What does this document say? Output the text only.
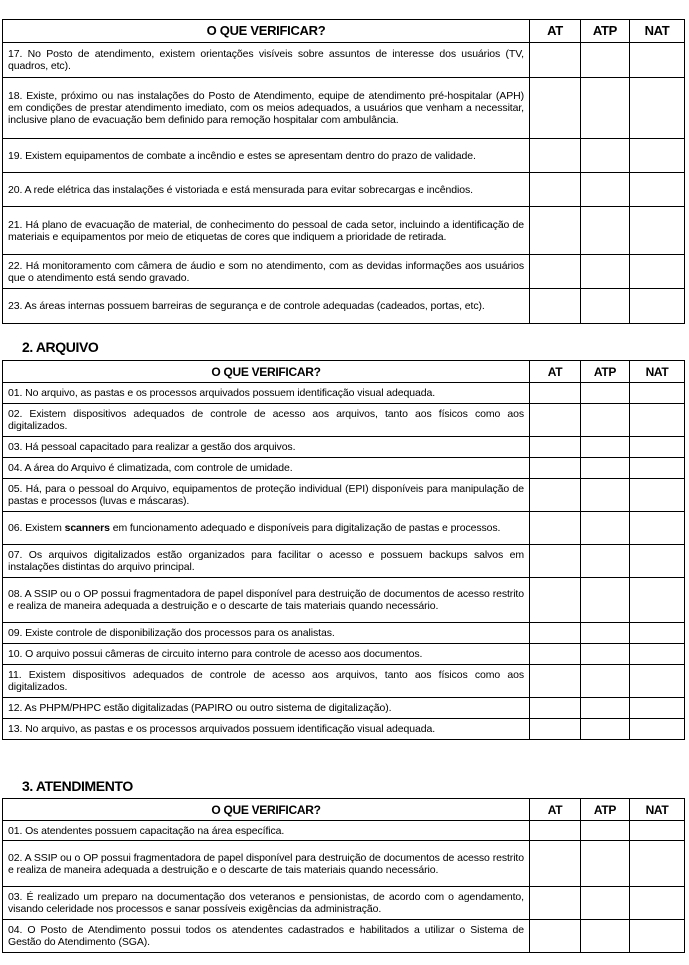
O QUE VERIFICAR?	AT	ATP	NAT
17. No Posto de atendimento, existem orientações visíveis sobre assuntos de interesse dos usuários (TV, quadros, etc).			
18. Existe, próximo ou nas instalações do Posto de Atendimento, equipe de atendimento pré-hospitalar (APH) em condições de prestar atendimento imediato, com os meios adequados, a usuários que venham a necessitar, inclusive plano de evacuação bem definido para remoção hospitalar com ambulância.			
19. Existem equipamentos de combate a incêndio e estes se apresentam dentro do prazo de validade.			
20. A rede elétrica das instalações é vistoriada e está mensurada para evitar sobrecargas e incêndios.			
21. Há plano de evacuação de material, de conhecimento do pessoal de cada setor, incluindo a identificação de materiais e equipamentos por meio de etiquetas de cores que indiquem a prioridade de retirada.			
22. Há monitoramento com câmera de áudio e som no atendimento, com as devidas informações aos usuários que o atendimento está sendo gravado.			
23. As áreas internas possuem barreiras de segurança e de controle adequadas (cadeados, portas, etc).			
2. ARQUIVO
O QUE VERIFICAR?	AT	ATP	NAT
01. No arquivo, as pastas e os processos arquivados possuem identificação visual adequada.			
02. Existem dispositivos adequados de controle de acesso aos arquivos, tanto aos físicos como aos digitalizados.			
03. Há pessoal capacitado para realizar a gestão dos arquivos.			
04. A área do Arquivo é climatizada, com controle de umidade.			
05. Há, para o pessoal do Arquivo, equipamentos de proteção individual (EPI) disponíveis para manipulação de pastas e processos (luvas e máscaras).			
06. Existem scanners em funcionamento adequado e disponíveis para digitalização de pastas e processos.			
07. Os arquivos digitalizados estão organizados para facilitar o acesso e possuem backups salvos em instalações distintas do arquivo principal.			
08. A SSIP ou o OP possui fragmentadora de papel disponível para destruição de documentos de acesso restrito e realiza de maneira adequada a destruição e o descarte de tais materiais quando necessário.			
09. Existe controle de disponibilização dos processos para os analistas.			
10. O arquivo possui câmeras de circuito interno para controle de acesso aos documentos.			
11. Existem dispositivos adequados de controle de acesso aos arquivos, tanto aos físicos como aos digitalizados.			
12. As PHPM/PHPC estão digitalizadas (PAPIRO ou outro sistema de digitalização).			
13. No arquivo, as pastas e os processos arquivados possuem identificação visual adequada.			
3. ATENDIMENTO
O QUE VERIFICAR?	AT	ATP	NAT
01. Os atendentes possuem capacitação na área específica.			
02. A SSIP ou o OP possui fragmentadora de papel disponível para destruição de documentos de acesso restrito e realiza de maneira adequada a destruição e o descarte de tais materiais quando necessário.			
03. É realizado um preparo na documentação dos veteranos e pensionistas, de acordo com o agendamento, visando celeridade nos processos e sanar possíveis exigências da administração.			
04. O Posto de Atendimento possui todos os atendentes cadastrados e habilitados a utilizar o Sistema de Gestão do Atendimento (SGA).			
